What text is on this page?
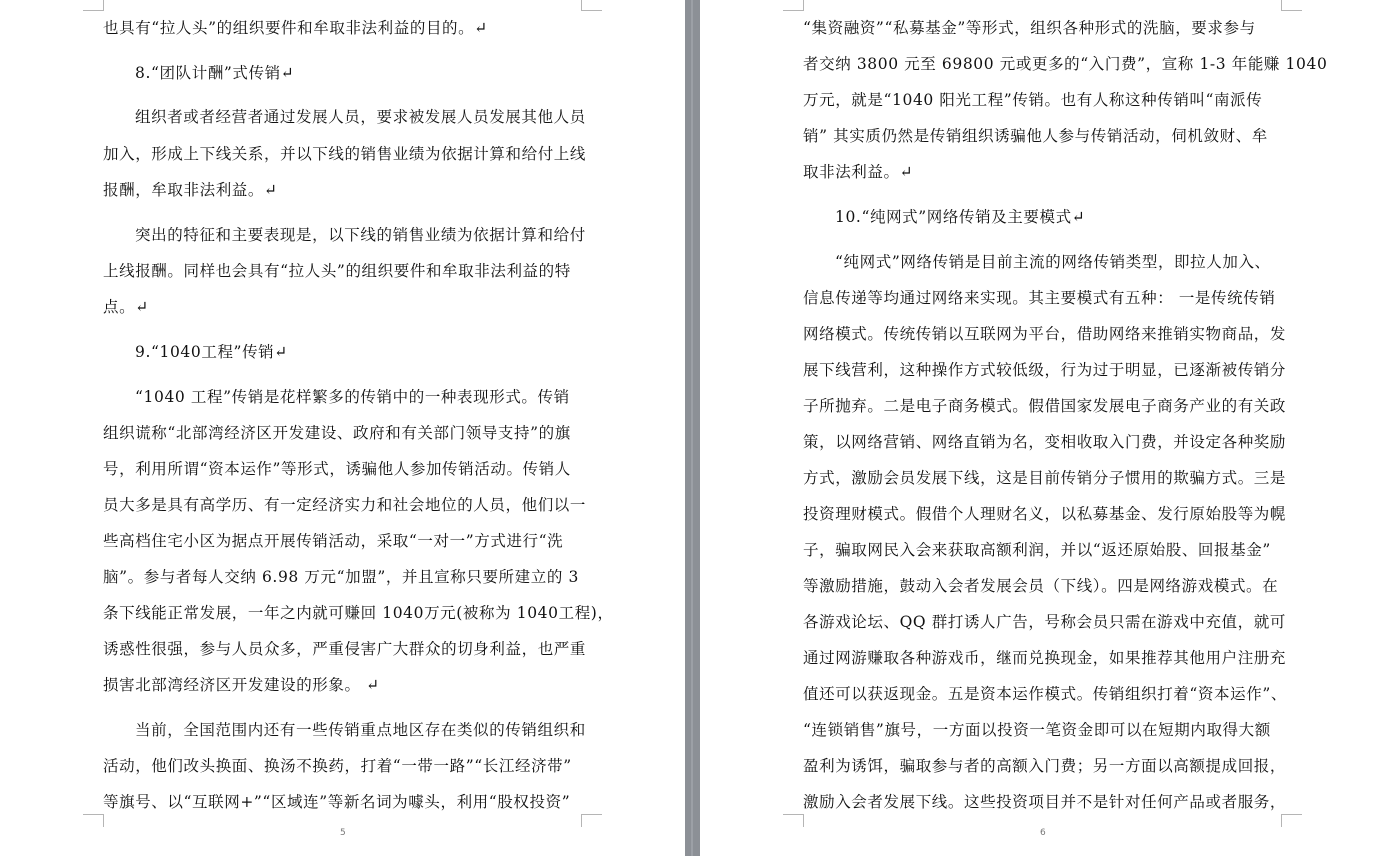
也具有“拉人头”的组织要件和牟取非法利益的目的。↵
8.“团队计酬”式传销↵
组织者或者经营者通过发展人员，要求被发展人员发展其他人员
加入，形成上下线关系，并以下线的销售业绩为依据计算和给付上线
报酬，牟取非法利益。↵
突出的特征和主要表现是，以下线的销售业绩为依据计算和给付
上线报酬。同样也会具有“拉人头”的组织要件和牟取非法利益的特
点。↵
9.“1040工程”传销↵
“1040 工程”传销是花样繁多的传销中的一种表现形式。传销
组织谎称“北部湾经济区开发建设、政府和有关部门领导支持”的旗
号，利用所谓“资本运作”等形式，诱骗他人参加传销活动。传销人
员大多是具有高学历、有一定经济实力和社会地位的人员，他们以一
些高档住宅小区为据点开展传销活动，采取“一对一”方式进行“洗
脑”。参与者每人交纳 6.98 万元“加盟”，并且宣称只要所建立的 3
条下线能正常发展，一年之内就可赚回 1040万元(被称为 1040工程)，
诱惑性很强，参与人员众多，严重侵害广大群众的切身利益，也严重
损害北部湾经济区开发建设的形象。 ↵
当前，全国范围内还有一些传销重点地区存在类似的传销组织和
活动，他们改头换面、换汤不换药，打着“一带一路”“长江经济带”
等旗号、以“互联网+”“区域连”等新名词为噱头，利用“股权投资”
5
“集资融资”“私募基金”等形式，组织各种形式的洗脑，要求参与
者交纳 3800 元至 69800 元或更多的“入门费”，宣称 1-3 年能赚 1040
万元，就是“1040 阳光工程”传销。也有人称这种传销叫“南派传
销” 其实质仍然是传销组织诱骗他人参与传销活动，伺机敛财、牟
取非法利益。↵
10.“纯网式”网络传销及主要模式↵
“纯网式”网络传销是目前主流的网络传销类型，即拉人加入、
信息传递等均通过网络来实现。其主要模式有五种： 一是传统传销
网络模式。传统传销以互联网为平台，借助网络来推销实物商品，发
展下线营利，这种操作方式较低级，行为过于明显，已逐渐被传销分
子所抛弃。二是电子商务模式。假借国家发展电子商务产业的有关政
策，以网络营销、网络直销为名，变相收取入门费，并设定各种奖励
方式，激励会员发展下线，这是目前传销分子惯用的欺骗方式。三是
投资理财模式。假借个人理财名义，以私募基金、发行原始股等为幌
子，骗取网民入会来获取高额利润，并以“返还原始股、回报基金”
等激励措施，鼓动入会者发展会员（下线）。四是网络游戏模式。在
各游戏论坛、QQ 群打诱人广告，号称会员只需在游戏中充值，就可
通过网游赚取各种游戏币，继而兑换现金，如果推荐其他用户注册充
值还可以获返现金。五是资本运作模式。传销组织打着“资本运作”、
“连锁销售”旗号，一方面以投资一笔资金即可以在短期内取得大额
盈利为诱饵，骗取参与者的高额入门费；另一方面以高额提成回报，
激励入会者发展下线。这些投资项目并不是针对任何产品或者服务，
6
